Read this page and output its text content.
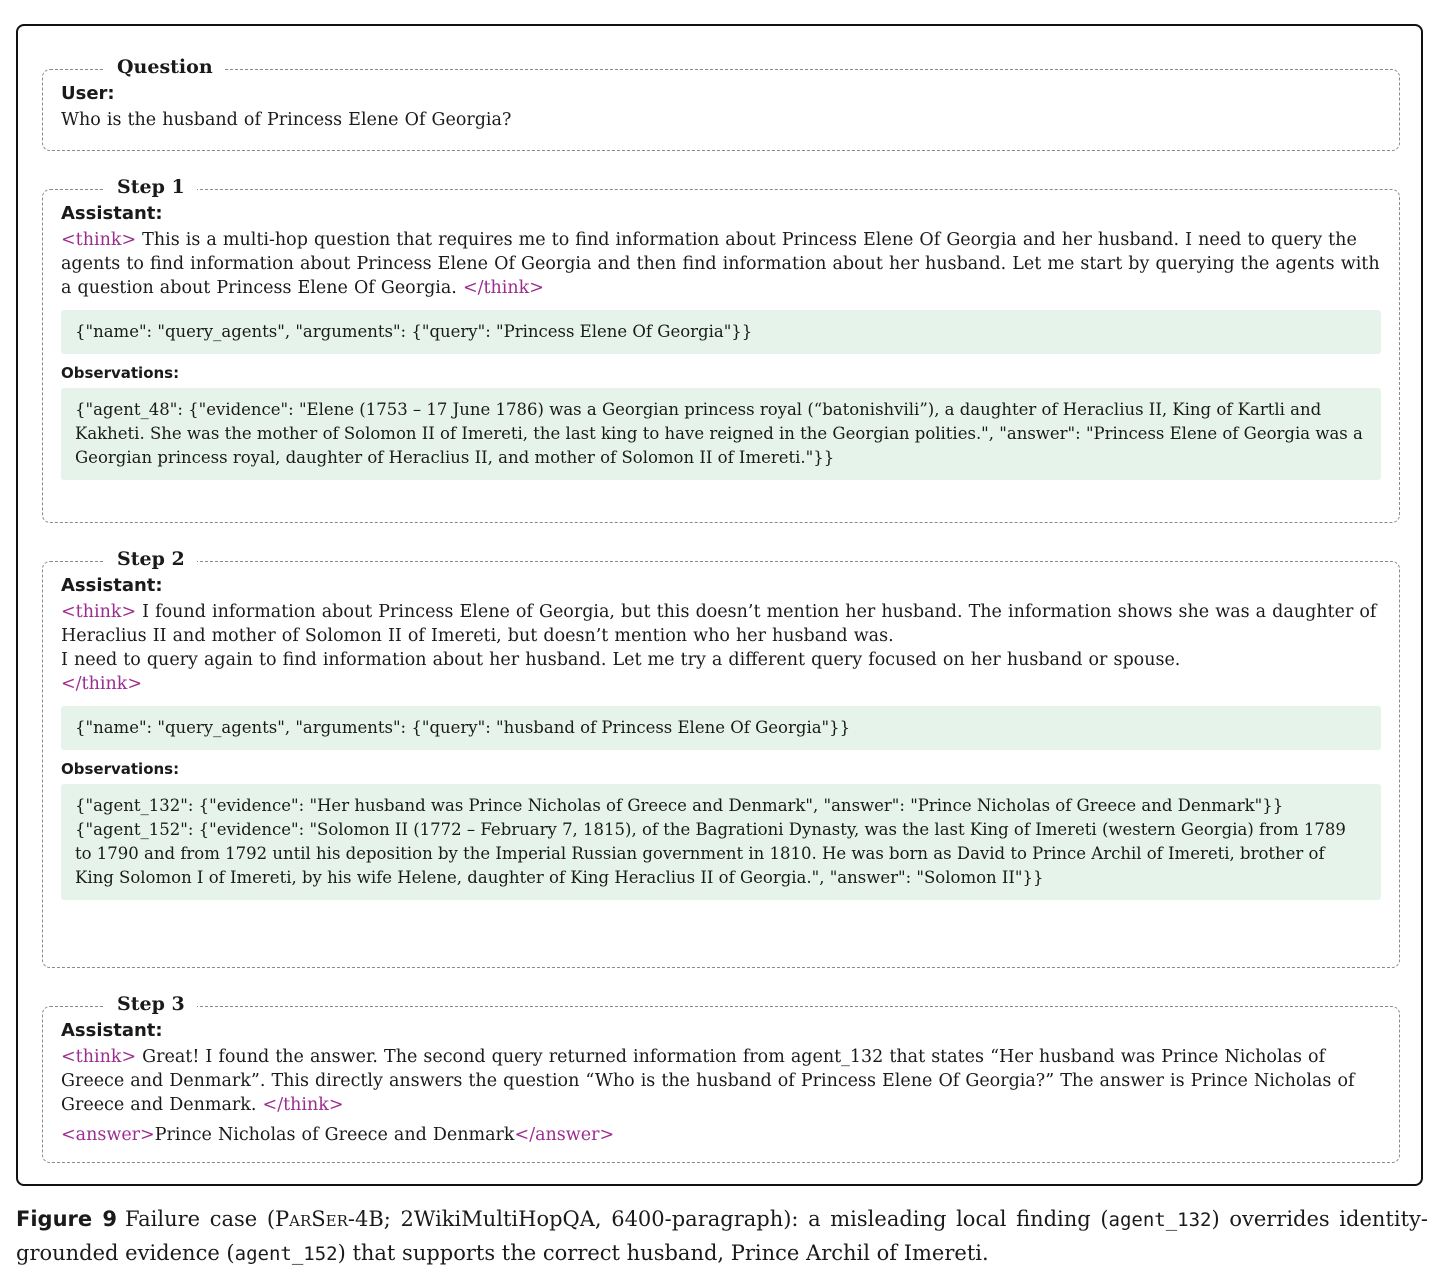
Question

User:

Who is the husband of Princess Elene Of Georgia?

Step 1

Assistant:

<think> This is a multi-hop question that requires me to find information about Princess Elene Of Georgia and her husband. I need to query the agents to find information about Princess Elene Of Georgia and then find information about her husband. Let me start by querying the agents with a question about Princess Elene Of Georgia. </think>

{"name": "query_agents", "arguments": {"query": "Princess Elene Of Georgia"}}

Observations:

{"agent_48": {"evidence": "Elene (1753 – 17 June 1786) was a Georgian princess royal (“batonishvili”), a daughter of Heraclius II, King of Kartli and Kakheti. She was the mother of Solomon II of Imereti, the last king to have reigned in the Georgian polities.", "answer": "Princess Elene of Georgia was a Georgian princess royal, daughter of Heraclius II, and mother of Solomon II of Imereti."}}

Step 2

Assistant:

<think> I found information about Princess Elene of Georgia, but this doesn’t mention her husband. The information shows she was a daughter of Heraclius II and mother of Solomon II of Imereti, but doesn’t mention who her husband was.
I need to query again to find information about her husband. Let me try a different query focused on her husband or spouse.
</think>

{"name": "query_agents", "arguments": {"query": "husband of Princess Elene Of Georgia"}}

Observations:

{"agent_132": {"evidence": "Her husband was Prince Nicholas of Greece and Denmark", "answer": "Prince Nicholas of Greece and Denmark"}}

{"agent_152": {"evidence": "Solomon II (1772 – February 7, 1815), of the Bagrationi Dynasty, was the last King of Imereti (western Georgia) from 1789 to 1790 and from 1792 until his deposition by the Imperial Russian government in 1810. He was born as David to Prince Archil of Imereti, brother of King Solomon I of Imereti, by his wife Helene, daughter of King Heraclius II of Georgia.", "answer": "Solomon II"}}

Step 3

Assistant:

<think> Great! I found the answer. The second query returned information from agent_132 that states “Her husband was Prince Nicholas of Greece and Denmark”. This directly answers the question “Who is the husband of Princess Elene Of Georgia?” The answer is Prince Nicholas of Greece and Denmark. </think>

<answer>Prince Nicholas of Greece and Denmark</answer>

Figure 9 Failure case (ParSer-4B; 2WikiMultiHopQA, 6400-paragraph): a misleading local finding (agent_132) overrides identity-grounded evidence (agent_152) that supports the correct husband, Prince Archil of Imereti.
